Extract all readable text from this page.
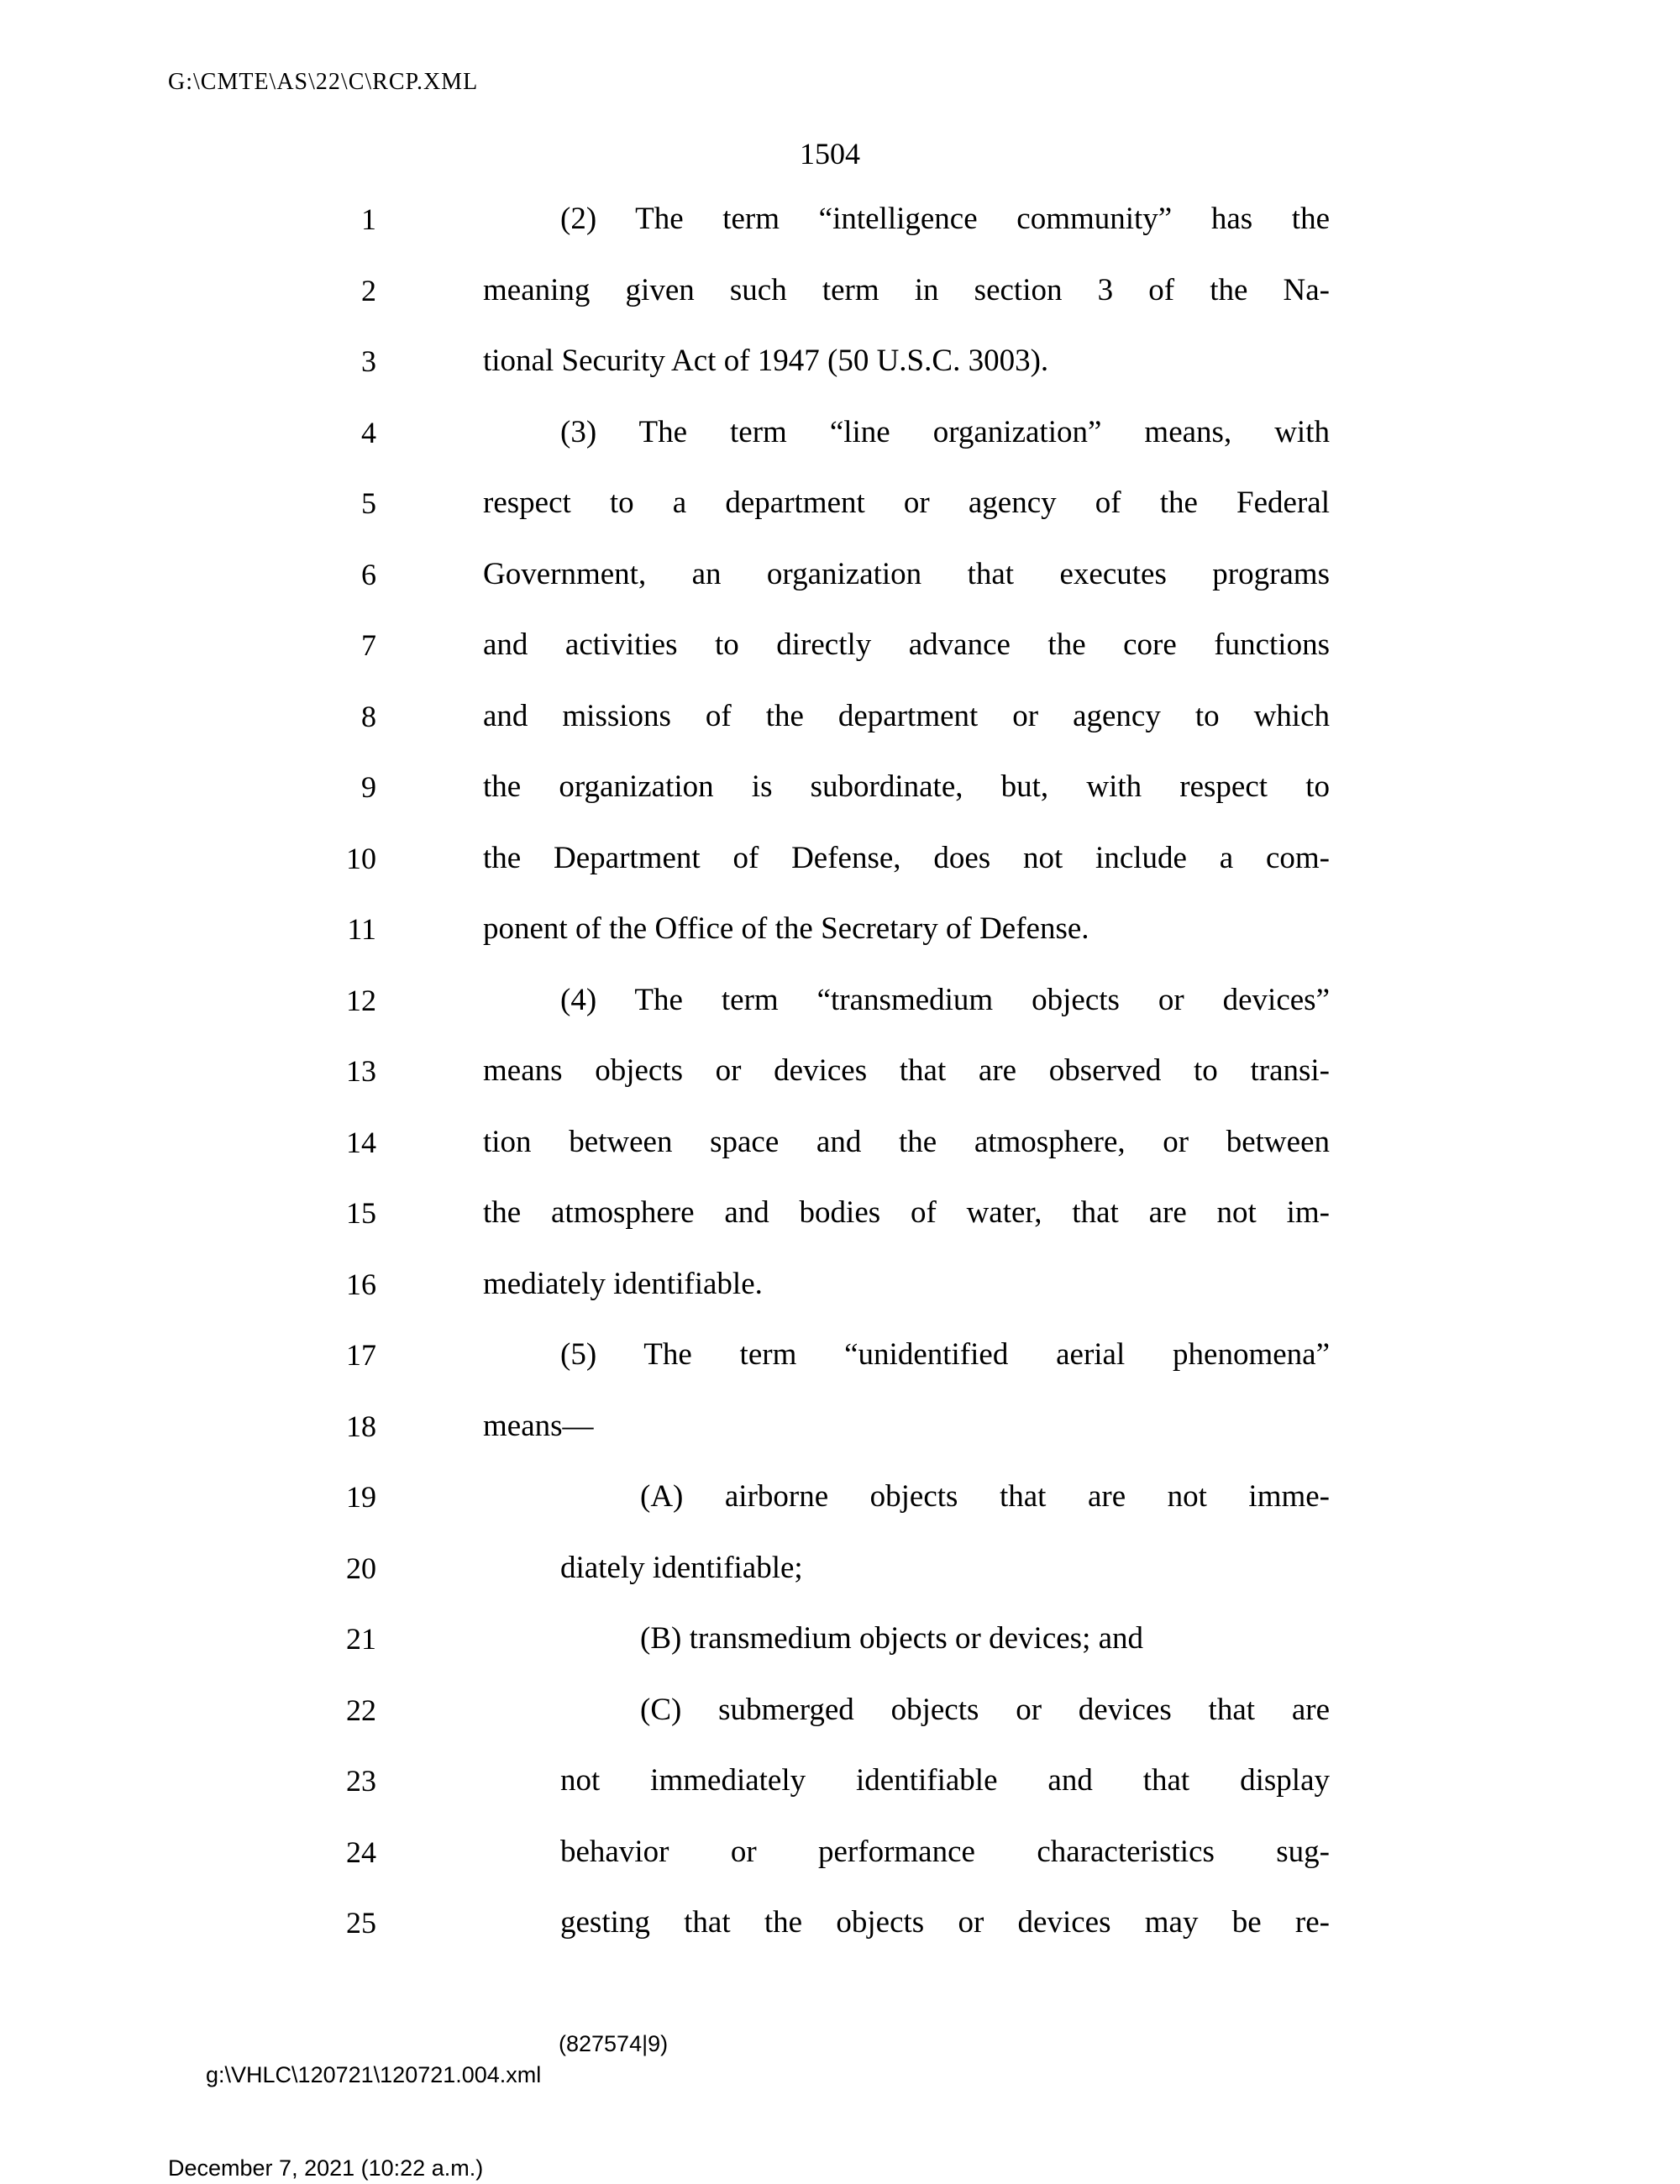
G:\CMTE\AS\22\C\RCP.XML
1504
1	(2) The term “intelligence community” has the
2	meaning given such term in section 3 of the Na-
3	tional Security Act of 1947 (50 U.S.C. 3003).
4	(3) The term “line organization” means, with
5	respect to a department or agency of the Federal
6	Government, an organization that executes programs
7	and activities to directly advance the core functions
8	and missions of the department or agency to which
9	the organization is subordinate, but, with respect to
10	the Department of Defense, does not include a com-
11	ponent of the Office of the Secretary of Defense.
12	(4) The term “transmedium objects or devices”
13	means objects or devices that are observed to transi-
14	tion between space and the atmosphere, or between
15	the atmosphere and bodies of water, that are not im-
16	mediately identifiable.
17	(5) The term “unidentified aerial phenomena”
18	means—
19	(A) airborne objects that are not imme-
20	diately identifiable;
21	(B) transmedium objects or devices; and
22	(C) submerged objects or devices that are
23	not immediately identifiable and that display
24	behavior or performance characteristics sug-
25	gesting that the objects or devices may be re-

g:\VHLC\120721\120721.004.xml

(827574|9)

December 7, 2021 (10:22 a.m.)
